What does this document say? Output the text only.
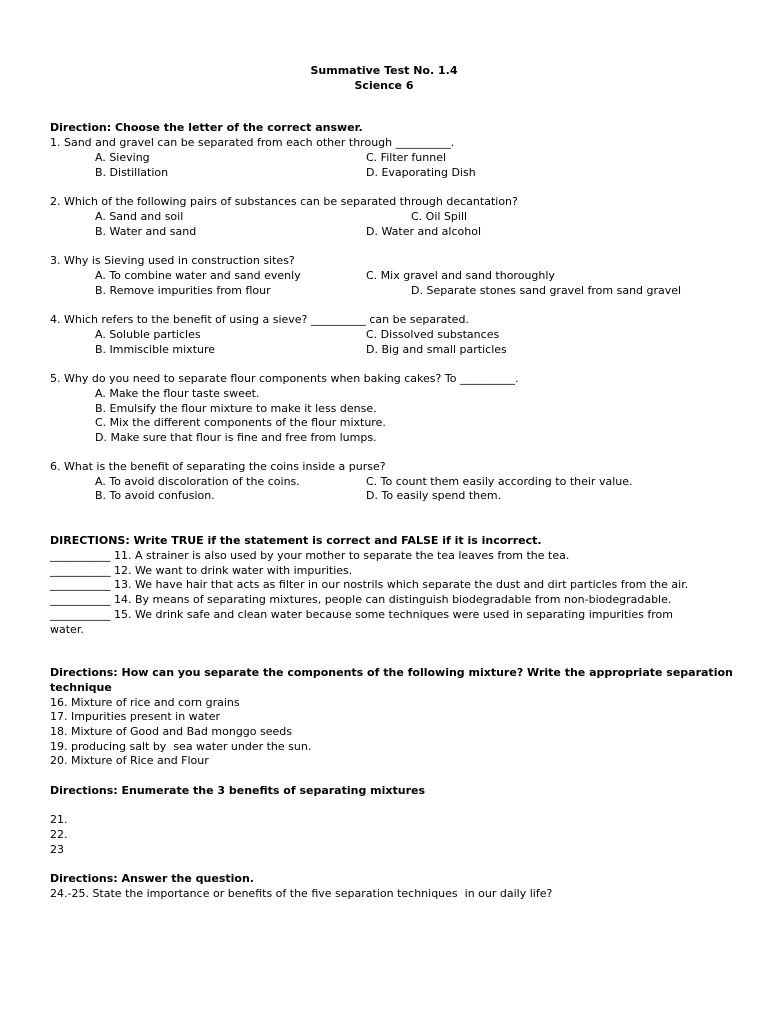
Summative Test No. 1.4
Science 6
Direction: Choose the letter of the correct answer.
1. Sand and gravel can be separated from each other through __________.
A. Sieving	C. Filter funnel
B. Distillation	D. Evaporating Dish
2. Which of the following pairs of substances can be separated through decantation?
A. Sand and soil	C. Oil Spill
B. Water and sand	D. Water and alcohol
3. Why is Sieving used in construction sites?
A. To combine water and sand evenly	C. Mix gravel and sand thoroughly
B. Remove impurities from flour	D. Separate stones sand gravel from sand gravel
4. Which refers to the benefit of using a sieve? __________ can be separated.
A. Soluble particles	C. Dissolved substances
B. Immiscible mixture	D. Big and small particles
5. Why do you need to separate flour components when baking cakes? To __________.
A. Make the flour taste sweet.
B. Emulsify the flour mixture to make it less dense.
C. Mix the different components of the flour mixture.
D. Make sure that flour is fine and free from lumps.
6. What is the benefit of separating the coins inside a purse?
A. To avoid discoloration of the coins.	C. To count them easily according to their value.
B. To avoid confusion.	D. To easily spend them.
DIRECTIONS: Write TRUE if the statement is correct and FALSE if it is incorrect.
___________ 11. A strainer is also used by your mother to separate the tea leaves from the tea.
___________ 12. We want to drink water with impurities.
___________ 13. We have hair that acts as filter in our nostrils which separate the dust and dirt particles from the air.
___________ 14. By means of separating mixtures, people can distinguish biodegradable from non-biodegradable.
___________ 15. We drink safe and clean water because some techniques were used in separating impurities from
water.
Directions: How can you separate the components of the following mixture? Write the appropriate separation
technique
16. Mixture of rice and corn grains
17. Impurities present in water
18. Mixture of Good and Bad monggo seeds
19. producing salt by  sea water under the sun.
20. Mixture of Rice and Flour
Directions: Enumerate the 3 benefits of separating mixtures
21.
22.
23
Directions: Answer the question.
24.-25. State the importance or benefits of the five separation techniques  in our daily life?
